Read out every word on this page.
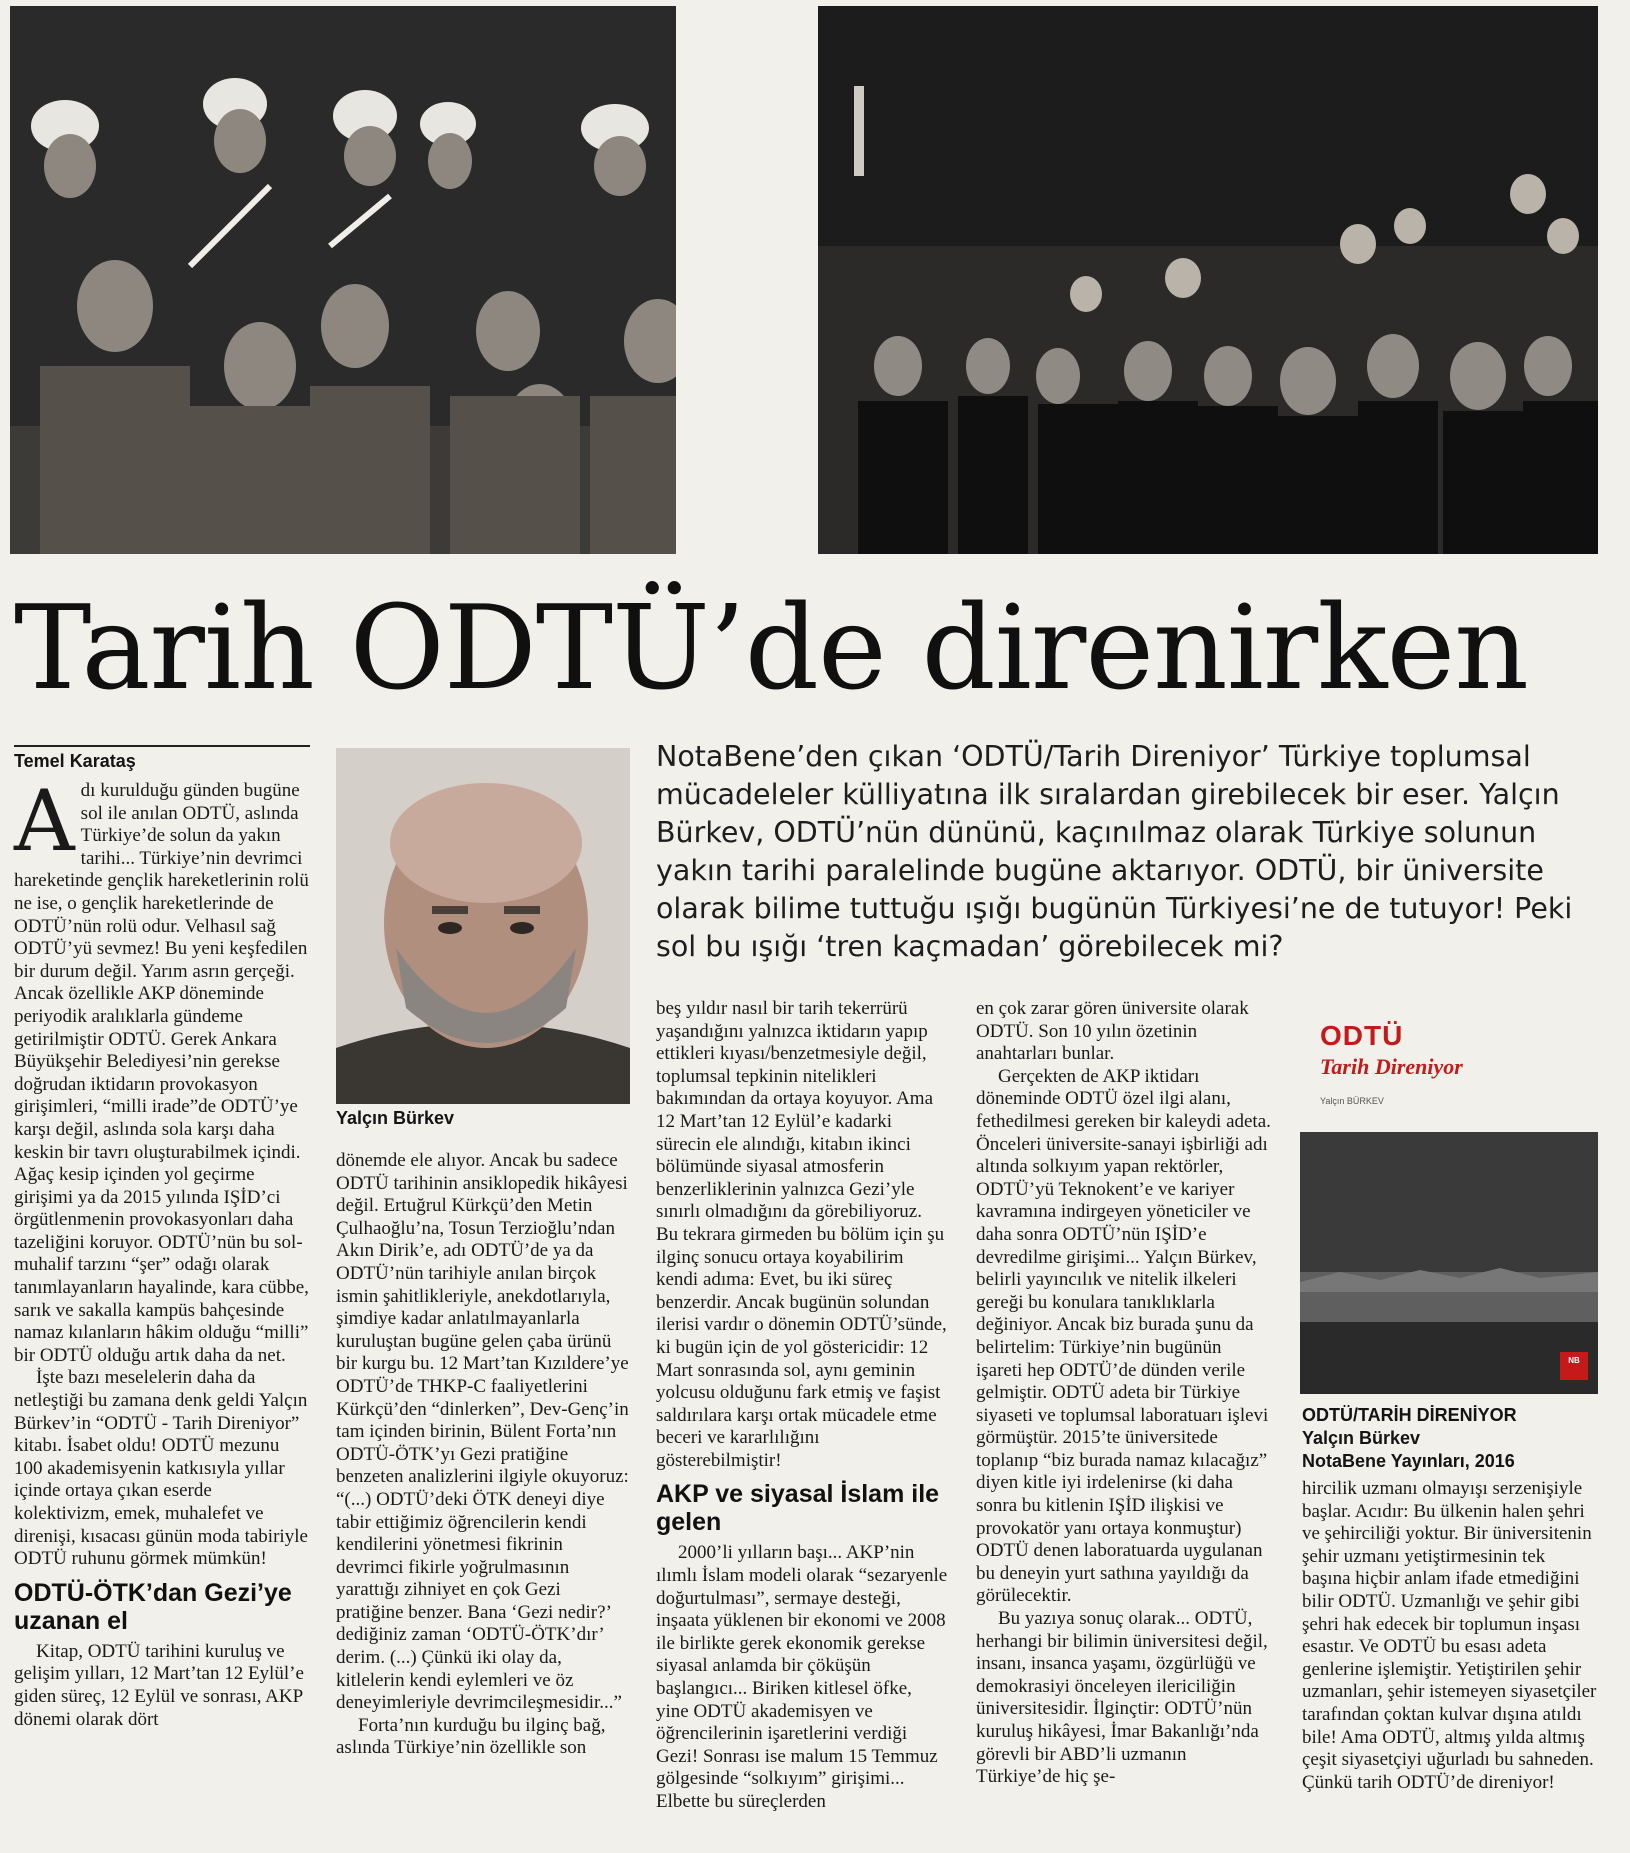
Tarih ODTÜ’de direnirken
Temel Karataş	NotaBene’den çıkan ‘ODTÜ/Tarih Direniyor’ Türkiye toplumsal mücadeleler külliyatına ilk sıralardan girebilecek bir eser. Yalçın Bürkev, ODTÜ’nün dününü, kaçınılmaz olarak Türkiye solunun yakın tarihi paralelinde bugüne aktarıyor. ODTÜ, bir üniversite olarak bilime tuttuğu ışığı bugünün Türkiyesi’ne de tutuyor! Peki sol bu ışığı ‘tren kaçmadan’ görebilecek mi?

Adı kurulduğu günden bugüne sol ile anılan ODTÜ, aslında Türkiye’de solun da yakın tarihi... Türkiye’nin devrimci hareketinde gençlik hareketlerinin rolü ne ise, o gençlik hareketlerinde de ODTÜ’nün rolü odur. Velhasıl sağ ODTÜ’yü sevmez! Bu yeni keşfedilen bir durum değil. Yarım asrın gerçeği. Ancak özellikle AKP döneminde periyodik aralıklarla gündeme getirilmiştir ODTÜ. Gerek Ankara Büyükşehir Belediyesi’nin gerekse doğrudan iktidarın provokasyon girişimleri, “milli irade”de ODTÜ’ye karşı değil, aslında sola karşı daha keskin bir tavrı oluşturabilmek içindi. Ağaç kesip içinden yol geçirme girişimi ya da 2015 yılında IŞİD’ci örgütlenmenin provokasyonları daha tazeliğini koruyor. ODTÜ’nün bu sol-muhalif tarzını “şer” odağı olarak tanımlayanların hayalinde, kara cübbe, sarık ve sakalla kampüs bahçesinde namaz kılanların hâkim olduğu “milli” bir ODTÜ olduğu artık daha da net.

İşte bazı meselelerin daha da netleştiği bu zamana denk geldi Yalçın Bürkev’in “ODTÜ - Tarih Direniyor” kitabı. İsabet oldu! ODTÜ mezunu 100 akademisyenin katkısıyla yıllar içinde ortaya çıkan eserde kolektivizm, emek, muhalefet ve direnişi, kısacası günün moda tabiriyle ODTÜ ruhunu görmek mümkün!

ODTÜ-ÖTK’dan Gezi’ye uzanan el

Kitap, ODTÜ tarihini kuruluş ve gelişim yılları, 12 Mart’tan 12 Eylül’e giden süreç, 12 Eylül ve sonrası, AKP dönemi olarak dört

Yalçın Bürkev

dönemde ele alıyor. Ancak bu sadece ODTÜ tarihinin ansiklopedik hikâyesi değil. Ertuğrul Kürkçü’den Metin Çulhaoğlu’na, Tosun Terzioğlu’ndan Akın Dirik’e, adı ODTÜ’de ya da ODTÜ’nün tarihiyle anılan birçok ismin şahitlikleriyle, anekdotlarıyla, şimdiye kadar anlatılmayanlarla kuruluştan bugüne gelen çaba ürünü bir kurgu bu. 12 Mart’tan Kızıldere’ye ODTÜ’de THKP-C faaliyetlerini Kürkçü’den “dinlerken”, Dev-Genç’in tam içinden birinin, Bülent Forta’nın ODTÜ-ÖTK’yı Gezi pratiğine benzeten analizlerini ilgiyle okuyoruz: “(...) ODTÜ’deki ÖTK deneyi diye tabir ettiğimiz öğrencilerin kendi kendilerini yönetmesi fikrinin devrimci fikirle yoğrulmasının yarattığı zihniyet en çok Gezi pratiğine benzer. Bana ‘Gezi nedir?’ dediğiniz zaman ‘ODTÜ-ÖTK’dır’ derim. (...) Çünkü iki olay da, kitlelerin kendi eylemleri ve öz deneyimleriyle devrimcileşmesidir...”

Forta’nın kurduğu bu ilginç bağ, aslında Türkiye’nin özellikle son

beş yıldır nasıl bir tarih tekerrürü yaşandığını yalnızca iktidarın yapıp ettikleri kıyası/benzetmesiyle değil, toplumsal tepkinin nitelikleri bakımından da ortaya koyuyor. Ama 12 Mart’tan 12 Eylül’e kadarki sürecin ele alındığı, kitabın ikinci bölümünde siyasal atmosferin benzerliklerinin yalnızca Gezi’yle sınırlı olmadığını da görebiliyoruz. Bu tekrara girmeden bu bölüm için şu ilginç sonucu ortaya koyabilirim kendi adıma: Evet, bu iki süreç benzerdir. Ancak bugünün solundan ilerisi vardır o dönemin ODTÜ’sünde, ki bugün için de yol göstericidir: 12 Mart sonrasında sol, aynı geminin yolcusu olduğunu fark etmiş ve faşist saldırılara karşı ortak mücadele etme beceri ve kararlılığını gösterebilmiştir!

AKP ve siyasal İslam ile gelen

2000’li yılların başı... AKP’nin ılımlı İslam modeli olarak “sezaryenle doğurtulması”, sermaye desteği, inşaata yüklenen bir ekonomi ve 2008 ile birlikte gerek ekonomik gerekse siyasal anlamda bir çöküşün başlangıcı... Biriken kitlesel öfke, yine ODTÜ akademisyen ve öğrencilerinin işaretlerini verdiği Gezi! Sonrası ise malum 15 Temmuz gölgesinde “solkıyım” girişimi... Elbette bu süreçlerden

en çok zarar gören üniversite olarak ODTÜ. Son 10 yılın özetinin anahtarları bunlar.

Gerçekten de AKP iktidarı döneminde ODTÜ özel ilgi alanı, fethedilmesi gereken bir kaleydi adeta. Önceleri üniversite-sanayi işbirliği adı altında solkıyım yapan rektörler, ODTÜ’yü Teknokent’e ve kariyer kavramına indirgeyen yöneticiler ve daha sonra ODTÜ’nün IŞİD’e devredilme girişimi... Yalçın Bürkev, belirli yayıncılık ve nitelik ilkeleri gereği bu konulara tanıklıklarla değiniyor. Ancak biz burada şunu da belirtelim: Türkiye’nin bugünün işareti hep ODTÜ’de dünden verile gelmiştir. ODTÜ adeta bir Türkiye siyaseti ve toplumsal laboratuarı işlevi görmüştür. 2015’te üniversitede toplanıp “biz burada namaz kılacağız” diyen kitle iyi irdelenirse (ki daha sonra bu kitlenin IŞİD ilişkisi ve provokatör yanı ortaya konmuştur) ODTÜ denen laboratuarda uygulanan bu deneyin yurt sathına yayıldığı da görülecektir.

Bu yazıya sonuç olarak... ODTÜ, herhangi bir bilimin üniversitesi değil, insanı, insanca yaşamı, özgürlüğü ve demokrasiyi önceleyen ilericiliğin üniversitesidir. İlginçtir: ODTÜ’nün kuruluş hikâyesi, İmar Bakanlığı’nda görevli bir ABD’li uzmanın Türkiye’de hiç şe-

ODTÜ
Tarih Direniyor
Yalçın BÜRKEV
NB
ODTÜ/TARİH DİRENİYOR
Yalçın Bürkev
NotaBene Yayınları, 2016

hircilik uzmanı olmayışı serzenişiyle başlar. Acıdır: Bu ülkenin halen şehri ve şehirciliği yoktur. Bir üniversitenin şehir uzmanı yetiştirmesinin tek başına hiçbir anlam ifade etmediğini bilir ODTÜ. Uzmanlığı ve şehir gibi şehri hak edecek bir toplumun inşası esastır. Ve ODTÜ bu esası adeta genlerine işlemiştir. Yetiştirilen şehir uzmanları, şehir istemeyen siyasetçiler tarafından çoktan kulvar dışına atıldı bile! Ama ODTÜ, altmış yılda altmış çeşit siyasetçiyi uğurladı bu sahneden. Çünkü tarih ODTÜ’de direniyor!
